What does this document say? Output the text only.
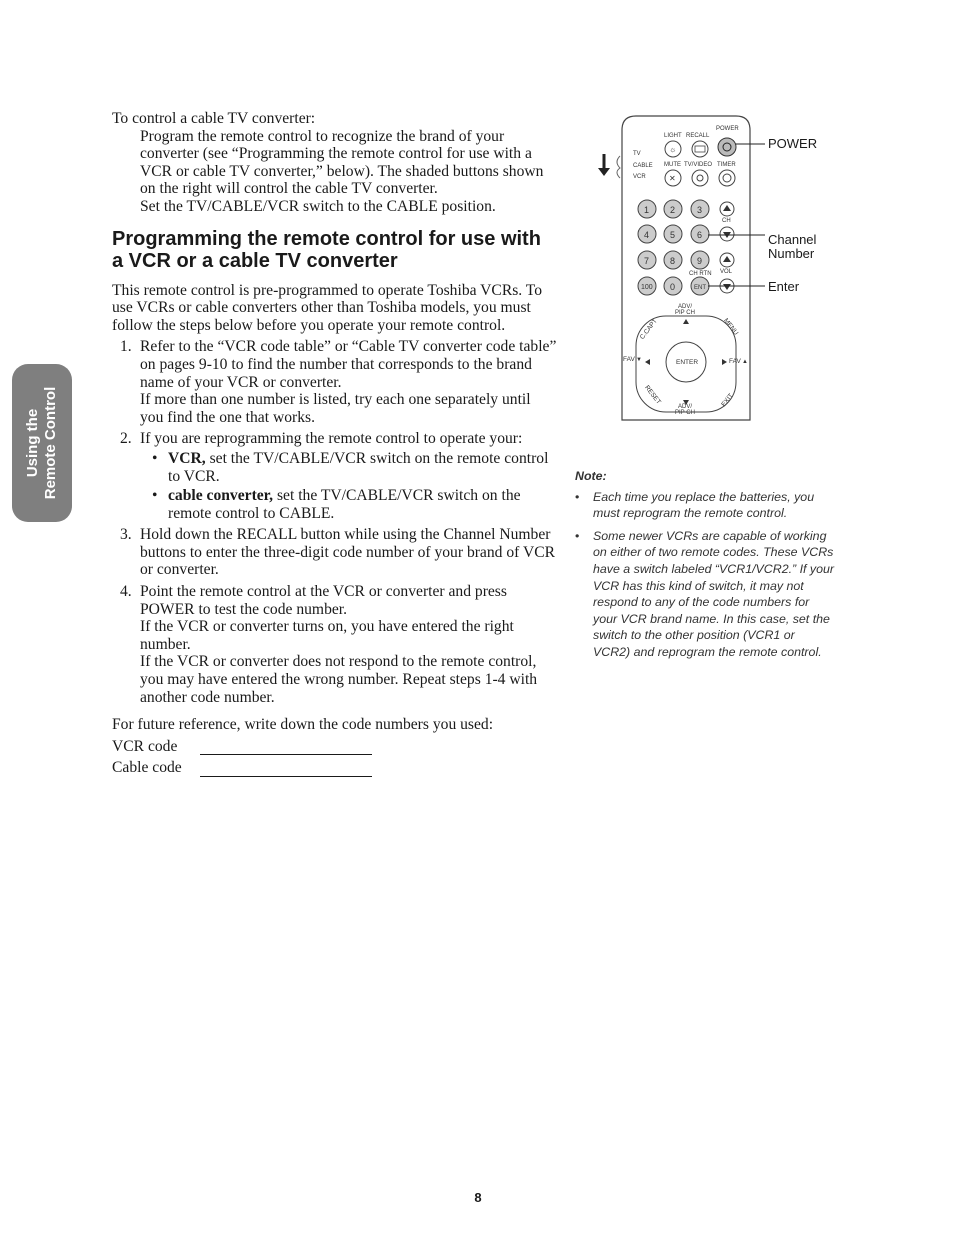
Using the Remote Control

To control a cable TV converter:

Program the remote control to recognize the brand of your converter (see “Programming the remote control for use with a VCR or cable TV converter,” below). The shaded buttons shown on the right will control the cable TV converter.

Set the TV/CABLE/VCR switch to the CABLE position.

Programming the remote control for use with a VCR or a cable TV converter

This remote control is pre-programmed to operate Toshiba VCRs. To use VCRs or cable converters other than Toshiba models, you must follow the steps below before you operate your remote control.

1. Refer to the “VCR code table” or “Cable TV converter code table” on pages 9-10 to find the number that corresponds to the brand name of your VCR or converter.

If more than one number is listed, try each one separately until you find the one that works.

2. If you are reprogramming the remote control to operate your:

• VCR, set the TV/CABLE/VCR switch on the remote control to VCR.
• cable converter, set the TV/CABLE/VCR switch on the remote control to CABLE.
3. Hold down the RECALL button while using the Channel Number buttons to enter the three-digit code number of your brand of VCR or converter.

4. Point the remote control at the VCR or converter and press POWER to test the code number.

If the VCR or converter turns on, you have entered the right number.

If the VCR or converter does not respond to the remote control, you may have entered the wrong number. Repeat steps 1-4 with another code number.

For future reference, write down the code numbers you used:

VCR code
Cable code
POWER
LIGHT RECALL
TV
CABLE
VCR
MUTE TV/VIDEO TIMER
☼
✕
1 2 3
4 5 6
7 8 9
100 0	ENT
CH
CH RTN VOL
ADV/
PIP CH
ENTER
C.CAPT	MENU
FAV ▼	FAV ▲
RESET	EXIT
ADV/
PIP CH
POWER
Channel
Number
Enter
Note:
• Each time you replace the batteries, you must reprogram the remote control.
• Some newer VCRs are capable of working on either of two remote codes. These VCRs have a switch labeled “VCR1/VCR2.” If your VCR has this kind of switch, it may not respond to any of the code numbers for your VCR brand name. In this case, set the switch to the other position (VCR1 or VCR2) and reprogram the remote control.
8
